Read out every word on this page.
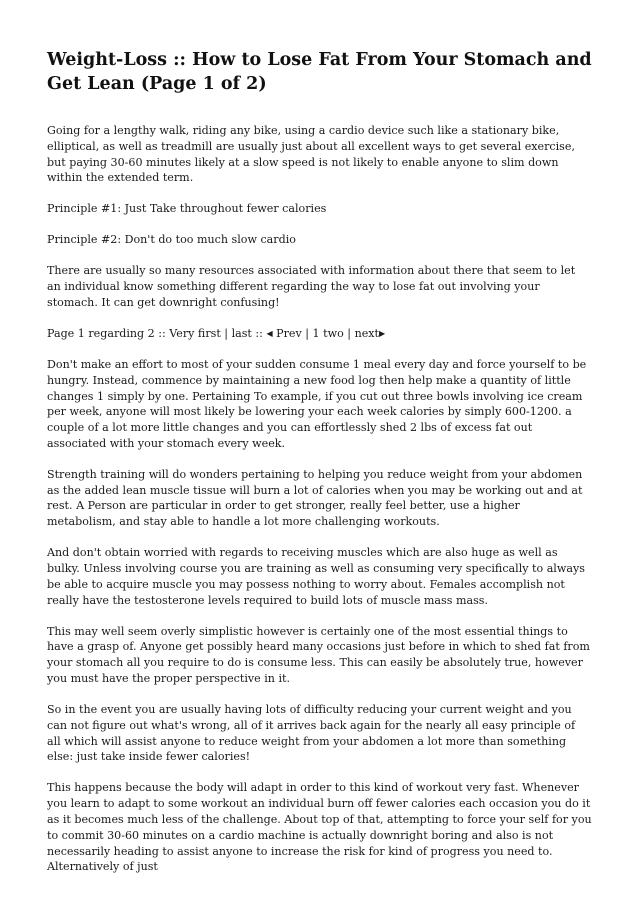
Weight-Loss :: How to Lose Fat From Your Stomach and Get Lean (Page 1 of 2)

Going for a lengthy walk, riding any bike, using a cardio device such like a stationary bike, elliptical, as well as treadmill are usually just about all excellent ways to get several exercise, but paying 30-60 minutes likely at a slow speed is not likely to enable anyone to slim down within the extended term.

Principle #1: Just Take throughout fewer calories

Principle #2: Don't do too much slow cardio

There are usually so many resources associated with information about there that seem to let an individual know something different regarding the way to lose fat out involving your stomach. It can get downright confusing!

Page 1 regarding 2 :: Very first | last :: ◀ Prev | 1 two | next▶

Don't make an effort to most of your sudden consume 1 meal every day and force yourself to be hungry. Instead, commence by maintaining a new food log then help make a quantity of little changes 1 simply by one. Pertaining To example, if you cut out three bowls involving ice cream per week, anyone will most likely be lowering your each week calories by simply 600-1200. a couple of a lot more little changes and you can effortlessly shed 2 lbs of excess fat out associated with your stomach every week.

Strength training will do wonders pertaining to helping you reduce weight from your abdomen as the added lean muscle tissue will burn a lot of calories when you may be working out and at rest. A Person are particular in order to get stronger, really feel better, use a higher metabolism, and stay able to handle a lot more challenging workouts.

And don't obtain worried with regards to receiving muscles which are also huge as well as bulky. Unless involving course you are training as well as consuming very specifically to always be able to acquire muscle you may possess nothing to worry about. Females accomplish not really have the testosterone levels required to build lots of muscle mass mass.

This may well seem overly simplistic however is certainly one of the most essential things to have a grasp of. Anyone get possibly heard many occasions just before in which to shed fat from your stomach all you require to do is consume less. This can easily be absolutely true, however you must have the proper perspective in it.

So in the event you are usually having lots of difficulty reducing your current weight and you can not figure out what's wrong, all of it arrives back again for the nearly all easy principle of all which will assist anyone to reduce weight from your abdomen a lot more than something else: just take inside fewer calories!

This happens because the body will adapt in order to this kind of workout very fast. Whenever you learn to adapt to some workout an individual burn off fewer calories each occasion you do it as it becomes much less of the challenge. About top of that, attempting to force your self for you to commit 30-60 minutes on a cardio machine is actually downright boring and also is not necessarily heading to assist anyone to increase the risk for kind of progress you need to. Alternatively of just
